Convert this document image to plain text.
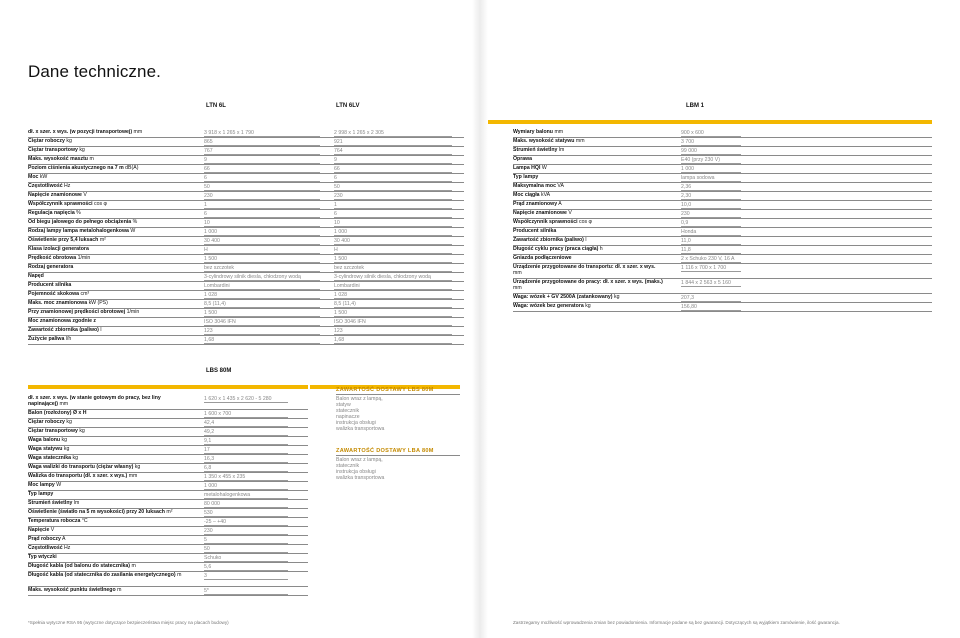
Dane techniczne.
LTN 6L	LTN 6LV
dł. x szer. x wys. (w pozycji transportowej) mm	3 918 x 1 265 x 1 790	2 998 x 1 265 x 2 305
Ciężar roboczy kg	865	921
Ciężar transportowy kg	767	764
Maks. wysokość masztu m	9	9
Poziom ciśnienia akustycznego na 7 m dB(A)	66	66
Moc kW	6	6
Częstotliwość Hz	50	50
Napięcie znamionowe V	230	230
Współczynnik sprawności cos φ	1	1
Regulacja napięcia %	6	6
Od biegu jałowego do pełnego obciążenia %	10	10
Rodzaj lampy lampa metalohalogenkowa W	1 000	1 000
Oświetlenie przy 5,4 luksach m²	30 400	30 400
Klasa izolacji generatora	H	H
Prędkość obrotowa 1/min	1 500	1 500
Rodzaj generatora	bez szczotek	bez szczotek
Napęd	3-cylindrowy silnik diesla, chłodzony wodą	3-cylindrowy silnik diesla, chłodzony wodą
Producent silnika	Lombardini	Lombardini
Pojemność skokowa cm³	1 028	1 028
Maks. moc znamionowa kW (PS)	8,5 (11,4)	8,5 (11,4)
Przy znamionowej prędkości obrotowej 1/min	1 500	1 500
Moc znamionowa zgodnie z	ISO 3046 IFN	ISO 3046 IFN
Zawartość zbiornika (paliwo) l	123	123
Zużycie paliwa l/h	1,68	1,68
LBS 80M
dł. x szer. x wys. (w stanie gotowym do pracy, bez liny napinającej) mm
1 620 x 1 435 x 2 620 - 5 280
Balon (rozłożony) Ø x H	1 600 x 700
Ciężar roboczy kg	42,4
Ciężar transportowy kg	49,2
Waga balonu kg	9,1
Waga statywu kg	17
Waga statecznika kg	16,3
Waga walizki do transportu (ciężar własny) kg	6,8
Walizka do transportu (dł. x szer. x wys.) mm	1 350 x 455 x 235
Moc lampy W	1 000
Typ lampy	metalohalogenkowa
Strumień świetlny lm	80 000
Oświetlenie (światło na 5 m wysokości) przy 20 luksach m²	530
Temperatura robocza °C	-25 – +40
Napięcie V	230
Prąd roboczy A	5
Częstotliwość Hz	50
Typ wtyczki	Schuko
Długość kabla (od balonu do statecznika) m	5,6
Długość kabla (od statecznika do zasilania energetycznego) m	3
Maks. wysokość punktu świetlnego m	5*
ZAWARTOŚĆ DOSTAWY LBS 80M
Balon wraz z lampą,
statyw
statecznik
napinacze
instrukcja obsługi
walizka transportowa
ZAWARTOŚĆ DOSTAWY LBA 80M
Balon wraz z lampą,
statecznik
instrukcja obsługi
walizka transportowa
LBM 1
Wymiary balonu mm	900 x 600
Maks. wysokość statywu mm	3 700
Strumień świetlny lm	99 000
Oprawa	E40 (przy 230 V)
Lampa HQI W	1 000
Typ lampy	lampa sodowa
Maksymalna moc VA	2,36
Moc ciągła kVA	2,30
Prąd znamionowy A	10,0
Napięcie znamionowe V	230
Współczynnik sprawności cos φ	0,9
Producent silnika	Honda
Zawartość zbiornika (paliwo) l	11,0
Długość cyklu pracy (praca ciągła) h	11,8
Gniazda podłączeniowe	2 x Schuko 230 V, 16 A
Urządzenie przygotowane do transportu: dł. x szer. x wys. mm
1 116 x 700 x 1 700
Urządzenie przygotowane do pracy: dł. x szer. x wys. (maks.) mm
1 844 x 2 563 x 5 160
Waga: wózek + GV 2500A (zatankowany) kg	207,3
Waga: wózek bez generatora kg	156,80
*Spełnia wytyczne RSA 95 (wytyczne dotyczące bezpieczeństwa miejsc pracy na placach budowy)	Zastrzegamy możliwość wprowadzenia zmian bez powiadomienia. Informacje podane są bez gwarancji. Dotyczących są wyjątkiem zamówienie, ilość gwarancja.
